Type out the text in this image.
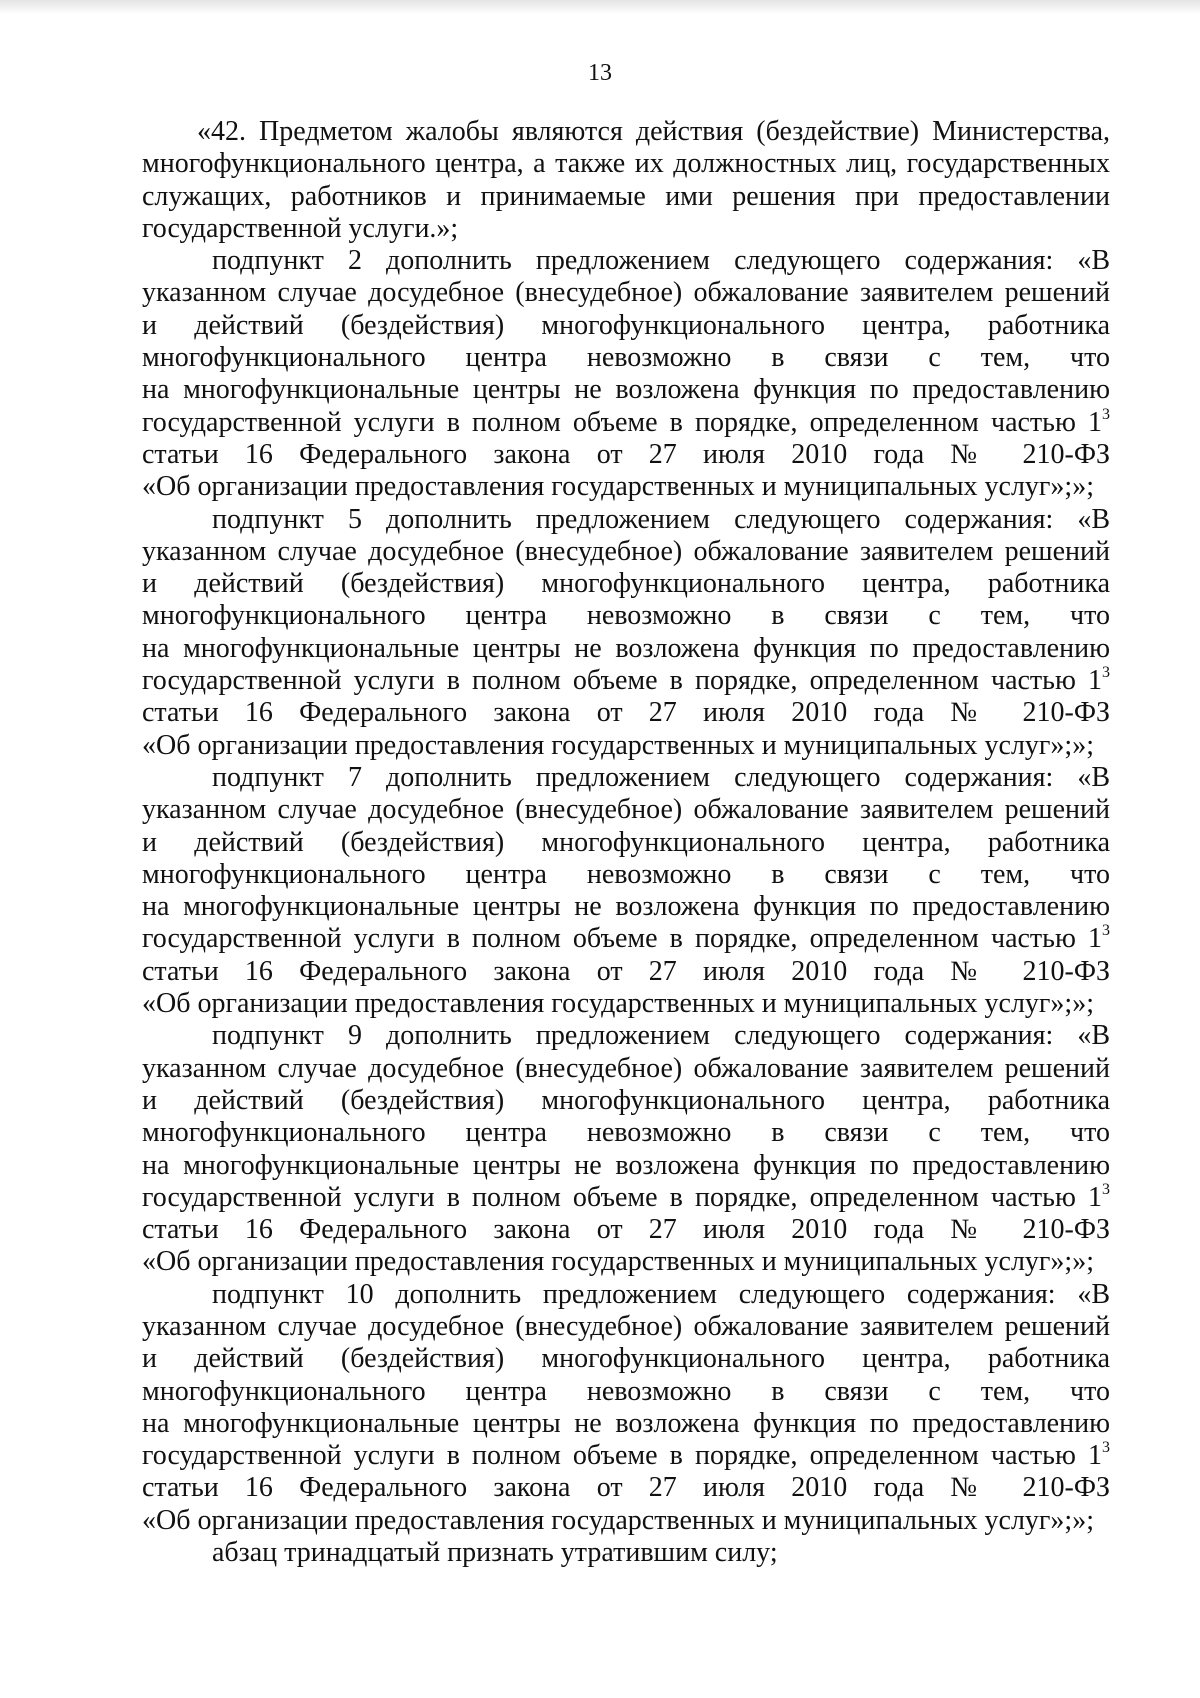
13

«42. Предметом жалобы являются действия (бездействие) Министерства,
многофункционального центра, а также их должностных лиц, государственных
служащих, работников и принимаемые ими решения при предоставлении
государственной услуги.»;

подпункт 2 дополнить предложением следующего содержания: «В
указанном случае досудебное (внесудебное) обжалование заявителем решений
и действий (бездействия) многофункционального центра, работника
многофункционального центра невозможно в связи с тем, что
на многофункциональные центры не возложена функция по предоставлению
государственной услуги в полном объеме в порядке, определенном частью $1^3$
статьи 16 Федерального закона от 27 июля 2010 года № 210-ФЗ
«Об организации предоставления государственных и муниципальных услуг»;»;

подпункт 5 дополнить предложением следующего содержания: «В
указанном случае досудебное (внесудебное) обжалование заявителем решений
и действий (бездействия) многофункционального центра, работника
многофункционального центра невозможно в связи с тем, что
на многофункциональные центры не возложена функция по предоставлению
государственной услуги в полном объеме в порядке, определенном частью $1^3$
статьи 16 Федерального закона от 27 июля 2010 года № 210-ФЗ
«Об организации предоставления государственных и муниципальных услуг»;»;

подпункт 7 дополнить предложением следующего содержания: «В
указанном случае досудебное (внесудебное) обжалование заявителем решений
и действий (бездействия) многофункционального центра, работника
многофункционального центра невозможно в связи с тем, что
на многофункциональные центры не возложена функция по предоставлению
государственной услуги в полном объеме в порядке, определенном частью $1^3$
статьи 16 Федерального закона от 27 июля 2010 года № 210-ФЗ
«Об организации предоставления государственных и муниципальных услуг»;»;

подпункт 9 дополнить предложением следующего содержания: «В
указанном случае досудебное (внесудебное) обжалование заявителем решений
и действий (бездействия) многофункционального центра, работника
многофункционального центра невозможно в связи с тем, что
на многофункциональные центры не возложена функция по предоставлению
государственной услуги в полном объеме в порядке, определенном частью $1^3$
статьи 16 Федерального закона от 27 июля 2010 года № 210-ФЗ
«Об организации предоставления государственных и муниципальных услуг»;»;

подпункт 10 дополнить предложением следующего содержания: «В
указанном случае досудебное (внесудебное) обжалование заявителем решений
и действий (бездействия) многофункционального центра, работника
многофункционального центра невозможно в связи с тем, что
на многофункциональные центры не возложена функция по предоставлению
государственной услуги в полном объеме в порядке, определенном частью $1^3$
статьи 16 Федерального закона от 27 июля 2010 года № 210-ФЗ
«Об организации предоставления государственных и муниципальных услуг»;»;

абзац тринадцатый признать утратившим силу;
